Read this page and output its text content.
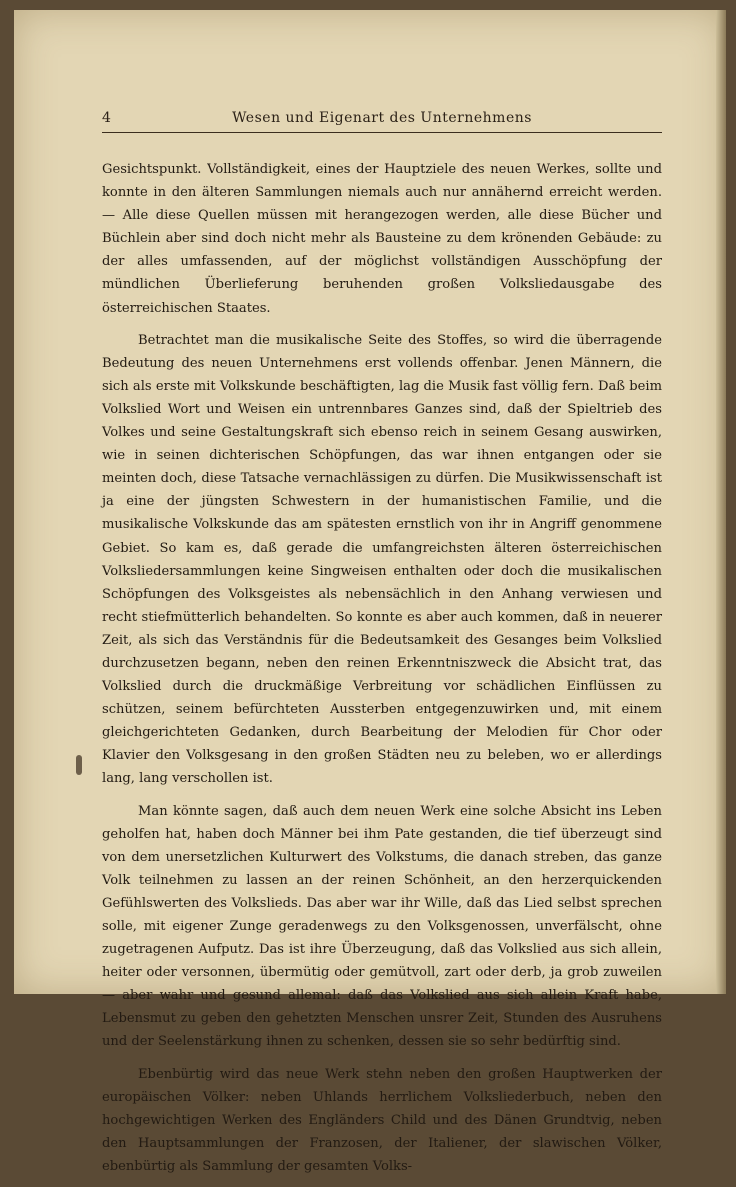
4	Wesen und Eigenart des Unternehmens

Gesichtspunkt. Vollständigkeit, eines der Hauptziele des neuen Werkes, sollte und konnte in den älteren Sammlungen niemals auch nur annähernd erreicht werden. — Alle diese Quellen müssen mit herangezogen werden, alle diese Bücher und Büchlein aber sind doch nicht mehr als Bausteine zu dem krönenden Gebäude: zu der alles umfassenden, auf der möglichst vollständigen Ausschöpfung der mündlichen Überlieferung beruhenden großen Volksliedausgabe des österreichischen Staates.

Betrachtet man die musikalische Seite des Stoffes, so wird die überragende Bedeutung des neuen Unternehmens erst vollends offenbar. Jenen Männern, die sich als erste mit Volkskunde beschäftigten, lag die Musik fast völlig fern. Daß beim Volkslied Wort und Weisen ein untrennbares Ganzes sind, daß der Spieltrieb des Volkes und seine Gestaltungskraft sich ebenso reich in seinem Gesang auswirken, wie in seinen dichterischen Schöpfungen, das war ihnen entgangen oder sie meinten doch, diese Tatsache vernachlässigen zu dürfen. Die Musikwissenschaft ist ja eine der jüngsten Schwestern in der humanistischen Familie, und die musikalische Volkskunde das am spätesten ernstlich von ihr in Angriff genommene Gebiet. So kam es, daß gerade die umfangreichsten älteren österreichischen Volksliedersammlungen keine Singweisen enthalten oder doch die musikalischen Schöpfungen des Volksgeistes als nebensächlich in den Anhang verwiesen und recht stiefmütterlich behandelten. So konnte es aber auch kommen, daß in neuerer Zeit, als sich das Verständnis für die Bedeutsamkeit des Gesanges beim Volkslied durchzusetzen begann, neben den reinen Erkenntniszweck die Absicht trat, das Volkslied durch die druckmäßige Verbreitung vor schädlichen Einflüssen zu schützen, seinem befürchteten Aussterben entgegenzuwirken und, mit einem gleichgerichteten Gedanken, durch Bearbeitung der Melodien für Chor oder Klavier den Volksgesang in den großen Städten neu zu beleben, wo er allerdings lang, lang verschollen ist.

Man könnte sagen, daß auch dem neuen Werk eine solche Absicht ins Leben geholfen hat, haben doch Männer bei ihm Pate gestanden, die tief überzeugt sind von dem unersetzlichen Kulturwert des Volkstums, die danach streben, das ganze Volk teilnehmen zu lassen an der reinen Schönheit, an den herzerquickenden Gefühlswerten des Volkslieds. Das aber war ihr Wille, daß das Lied selbst sprechen solle, mit eigener Zunge geradenwegs zu den Volksgenossen, unverfälscht, ohne zugetragenen Aufputz. Das ist ihre Überzeugung, daß das Volkslied aus sich allein, heiter oder versonnen, übermütig oder gemütvoll, zart oder derb, ja grob zuweilen — aber wahr und gesund allemal: daß das Volkslied aus sich allein Kraft habe, Lebensmut zu geben den gehetzten Menschen unsrer Zeit, Stunden des Ausruhens und der Seelenstärkung ihnen zu schenken, dessen sie so sehr bedürftig sind.

Ebenbürtig wird das neue Werk stehn neben den großen Hauptwerken der europäischen Völker: neben Uhlands herrlichem Volksliederbuch, neben den hochgewichtigen Werken des Engländers Child und des Dänen Grundtvig, neben den Hauptsammlungen der Franzosen, der Italiener, der slawischen Völker, ebenbürtig als Sammlung der gesamten Volks-
